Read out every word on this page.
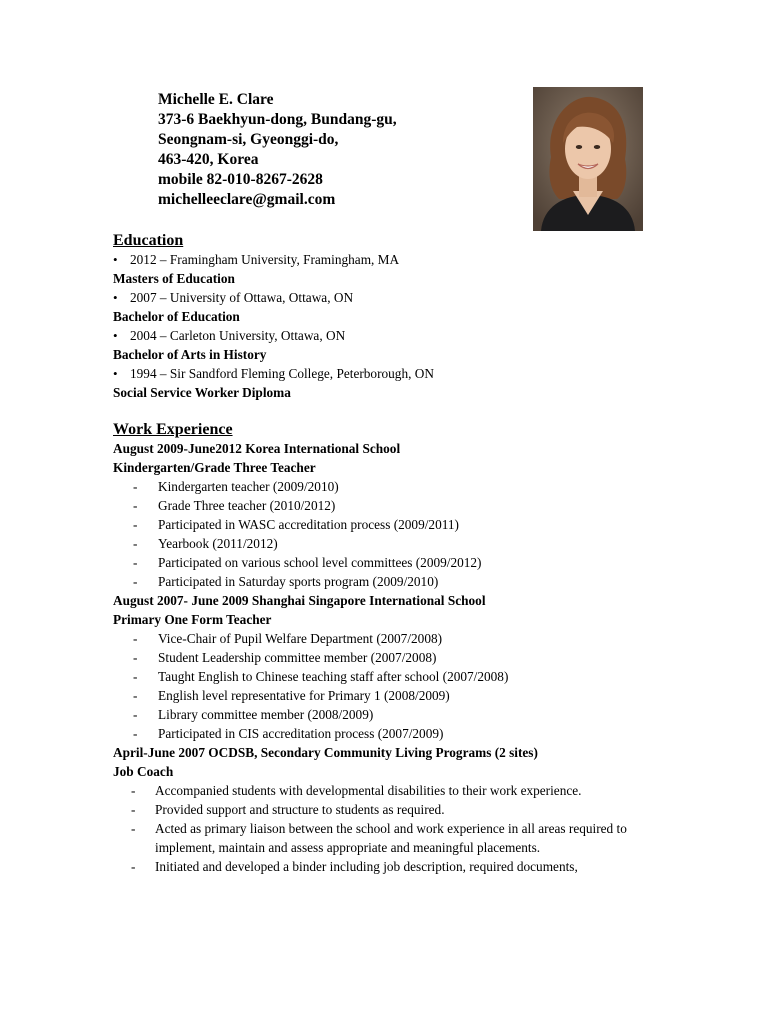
Michelle E. Clare
373-6 Baekhyun-dong, Bundang-gu,
Seongnam-si, Gyeonggi-do,
463-420, Korea
mobile 82-010-8267-2628
michelleeclare@gmail.com
Education
• 2012 – Framingham University, Framingham, MA
Masters of Education
• 2007 – University of Ottawa, Ottawa, ON
Bachelor of Education
• 2004 – Carleton University, Ottawa, ON
Bachelor of Arts in History
• 1994 – Sir Sandford Fleming College, Peterborough, ON
Social Service Worker Diploma
Work Experience
August 2009-June2012 Korea International School
Kindergarten/Grade Three Teacher
- Kindergarten teacher (2009/2010)
- Grade Three teacher (2010/2012)
- Participated in WASC accreditation process (2009/2011)
- Yearbook (2011/2012)
- Participated on various school level committees (2009/2012)
- Participated in Saturday sports program (2009/2010)
August 2007- June 2009 Shanghai Singapore International School
Primary One Form Teacher
- Vice-Chair of Pupil Welfare Department (2007/2008)
- Student Leadership committee member (2007/2008)
- Taught English to Chinese teaching staff after school (2007/2008)
- English level representative for Primary 1 (2008/2009)
- Library committee member (2008/2009)
- Participated in CIS accreditation process (2007/2009)
April-June 2007 OCDSB, Secondary Community Living Programs (2 sites)
Job Coach
- Accompanied students with developmental disabilities to their work experience.
- Provided support and structure to students as required.
- Acted as primary liaison between the school and work experience in all areas required to implement, maintain and assess appropriate and meaningful placements.
- Initiated and developed a binder including job description, required documents,
